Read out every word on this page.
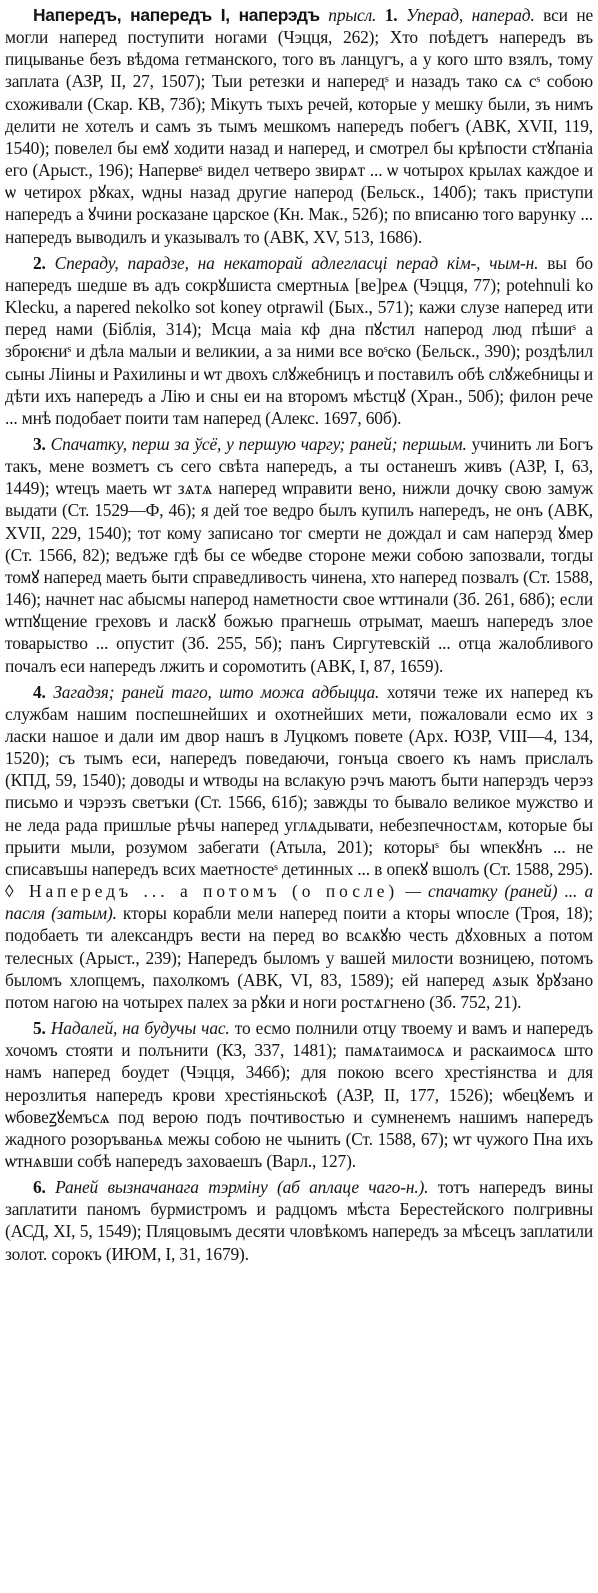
Напередъ, напередъ I, наперэдъ прысл. 1. Уперад, наперад. вси не могли наперед поступити ногами (Чэцця, 262); Хто поѣдетъ напередъ въ пицыванье безъ вѣдома гетманского, того въ ланцугъ, а у кого што взялъ, тому заплата (АЗР, II, 27, 1507); Тыи ретезки и напередˢ и назадъ тако сѧ cˢ собою схоживали (Скар. КВ, 73б); Мікуть тыхъ речей, которые у мешку были, зъ нимъ делити не хотелъ и самъ зъ тымъ мешкомъ напередъ побегъ (АВК, XVII, 119, 1540); повелел бы емꙋ ходити назад и наперед, и смотрел бы крѣпости стꙋпаніа его (Арыст., 196); Напервеˢ видел четверо звирѧт ... ѡ чотырох крылах каждое и ѡ четирох рꙋках, ѡдны назад другие наперод (Бельск., 140б); такъ приступи напередъ а ꙋчини росказане царское (Кн. Мак., 52б); по вписаню того варунку ... напередъ выводилъ и указывалъ то (АВК, XV, 513, 1686).

2. Спераду, парадзе, на некаторай адлегласці перад кім-, чым-н. вы бо напередъ шедше въ адъ сокрꙋшиста смертныѧ [ве]реѧ (Чэцця, 77); potehnuli ko Klecku, a napered nekolko sot koney otprawil (Бых., 571); кажи слузе наперед ити перед нами (Біблія, 314); Мсца маіа кф дна пꙋстил наперод люд пѣшиˢ а зброѥниˢ и дѣла малыи и великии, а за ними все воˢско (Бельск., 390); роздѣлил сыны Ліины и Рахилины и ѡт двохъ слꙋжебницъ и поставилъ обѣ слꙋжебницы и дѣти ихъ напередъ а Лію и сны еи на второмъ мѣстцꙋ (Хран., 50б); филон рече ... мнѣ подобает поити там наперед (Алекс. 1697, 60б).

3. Спачатку, перш за ўсё, у першую чаргу; раней; першым. учинить ли Богъ такъ, мене возметъ съ сего свѣта напередъ, а ты останешъ живъ (АЗР, I, 63, 1449); ѡтецъ маеть ѡт зѧтѧ наперед ѡправити вено, нижли дочку свою замуж выдати (Ст. 1529—Ф, 46); я дей тое ведро былъ купилъ напередъ, не онъ (АВК, XVII, 229, 1540); тот кому записано тог смерти не дождал и сам наперэд ꙋмер (Ст. 1566, 82); ведъже гдѣ бы се ѡбедве стороне межи собою запозвали, тогды томꙋ наперед маеть быти справедливость чинена, хто наперед позвалъ (Ст. 1588, 146); начнет нас абысмы наперод наметности свое ѡттинали (Зб. 261, 68б); если ѡтпꙋщение греховъ и ласкꙋ божью прагнешь отрымат, маешъ напередъ злое товарыство ... опустит (Зб. 255, 5б); панъ Сиргутевскій ... отца жалобливого почалъ еси напередъ лжить и соромотить (АВК, I, 87, 1659).

4. Загадзя; раней таго, што можа адбыцца. хотячи теже их наперед къ службам нашим поспешнейших и охотнейших мети, пожаловали есмо их з ласки нашое и дали им двор нашъ в Луцкомъ повете (Арх. ЮЗР, VIII—4, 134, 1520); съ тымъ еси, напередъ поведаючи, гонъца своего къ намъ прислалъ (КПД, 59, 1540); доводы и ѡтводы на вслакую рэчъ маютъ быти наперэдъ черэз письмо и чэрэзъ светъки (Ст. 1566, 61б); завжды то бывало великое мужство и не леда рада пришлые рѣчы наперед углѧдывати, небезпечностѧм, которые бы прыити мыли, розумом забегати (Атыла, 201); которыˢ бы ѡпекꙋнъ ... не списавъшы напередъ всих маетностеˢ детинных ... в опекꙋ вшолъ (Ст. 1588, 295). ◊ Напередъ ... а потомъ (о после) — спачатку (раней) ... а пасля (затым). кторы корабли мели наперед поити а кторы ѡпосле (Троя, 18); подобаеть ти александръ вести на перед во всѧкꙋю честь дꙋховных а потом телесных (Арыст., 239); Напередъ быломъ у вашей милости возницею, потомъ быломъ хлопцемъ, пахолкомъ (АВК, VI, 83, 1589); ей наперед ѧзык ꙋрꙋзано потом нагою на чотырех палех за рꙋки и ноги ростѧгнено (Зб. 752, 21).

5. Надалей, на будучы час. то есмо полнили отцу твоему и вамъ и напередъ хочомъ стояти и полънити (КЗ, 337, 1481); памѧтаимосѧ и раскаимосѧ што намъ наперед боудет (Чэцця, 346б); для покою всего хрестіянства и для нерозлитья напередъ крови хрестіяньскоѣ (АЗР, II, 177, 1526); ѡбецꙋемъ и ѡбовеꙁꙋемъсѧ под верою подъ почтивостью и сумненемъ нашимъ напередъ жадного розоръваньѧ межы собою не чынить (Ст. 1588, 67); ѡт чужого Пна ихъ ѡтнѧвши собѣ напередъ заховаешъ (Варл., 127).

6. Раней вызначанага тэрміну (аб аплаце чаго-н.). тотъ напередъ вины заплатити паномъ бурмистромъ и радцомъ мѣста Берестейского полгривны (АСД, XI, 5, 1549); Пляцовымъ десяти чловѣкомъ напередъ за мѣсецъ заплатили золот. сорокъ (ИЮМ, I, 31, 1679).
